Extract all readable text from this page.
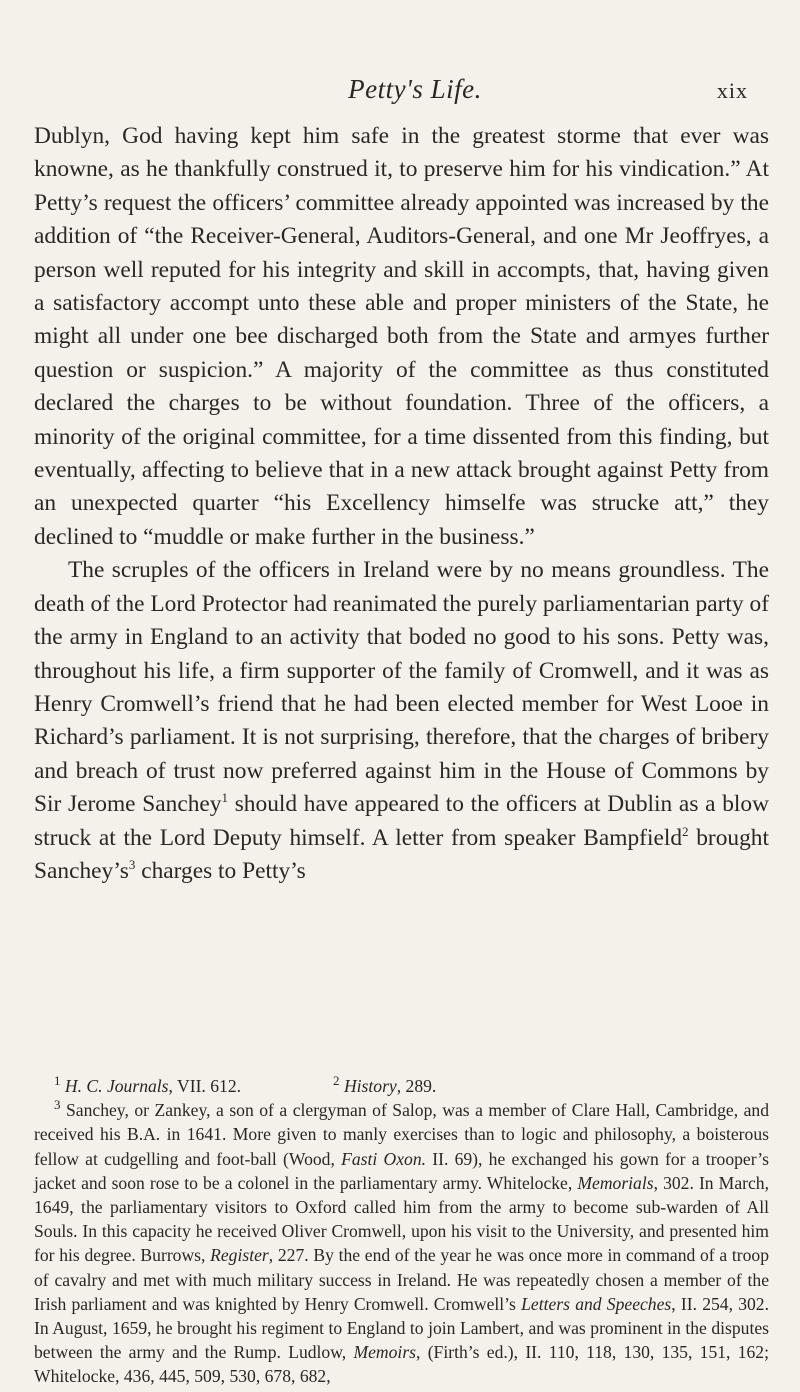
Petty's Life.	xix

Dublyn, God having kept him safe in the greatest storme that ever was knowne, as he thankfully construed it, to preserve him for his vindication.” At Petty’s request the officers’ committee already appointed was increased by the addition of “the Receiver-General, Auditors-General, and one Mr Jeoffryes, a person well reputed for his integrity and skill in accompts, that, having given a satisfactory accompt unto these able and proper ministers of the State, he might all under one bee discharged both from the State and armyes further question or suspicion.” A majority of the committee as thus constituted declared the charges to be without foundation. Three of the officers, a minority of the original committee, for a time dissented from this finding, but eventually, affecting to believe that in a new attack brought against Petty from an unexpected quarter “his Excellency himselfe was strucke att,” they declined to “muddle or make further in the business.”

The scruples of the officers in Ireland were by no means groundless. The death of the Lord Protector had reanimated the purely parliamentarian party of the army in England to an activity that boded no good to his sons. Petty was, throughout his life, a firm supporter of the family of Cromwell, and it was as Henry Cromwell’s friend that he had been elected member for West Looe in Richard’s parliament. It is not surprising, therefore, that the charges of bribery and breach of trust now preferred against him in the House of Commons by Sir Jerome Sanchey$^1$ should have appeared to the officers at Dublin as a blow struck at the Lord Deputy himself. A letter from speaker Bampfield$^2$ brought $Sanchey’s^3$ charges to Petty’s

$^1$ H. C. Journals, VII. 612.	$^2$ History, 289.

$^3$ Sanchey, or Zankey, a son of a clergyman of Salop, was a member of Clare Hall, Cambridge, and received his B.A. in 1641. More given to manly exercises than to logic and philosophy, a boisterous fellow at cudgelling and foot-ball (Wood, Fasti Oxon. II. 69), he exchanged his gown for a trooper’s jacket and soon rose to be a colonel in the parliamentary army. Whitelocke, Memorials, 302. In March, 1649, the parliamentary visitors to Oxford called him from the army to become sub-warden of All Souls. In this capacity he received Oliver Cromwell, upon his visit to the University, and presented him for his degree. Burrows, Register, 227. By the end of the year he was once more in command of a troop of cavalry and met with much military success in Ireland. He was repeatedly chosen a member of the Irish parliament and was knighted by Henry Cromwell. Cromwell’s Letters and Speeches, II. 254, 302. In August, 1659, he brought his regiment to England to join Lambert, and was prominent in the disputes between the army and the Rump. Ludlow, Memoirs, (Firth’s ed.), II. 110, 118, 130, 135, 151, 162; Whitelocke, 436, 445, 509, 530, 678, 682,
